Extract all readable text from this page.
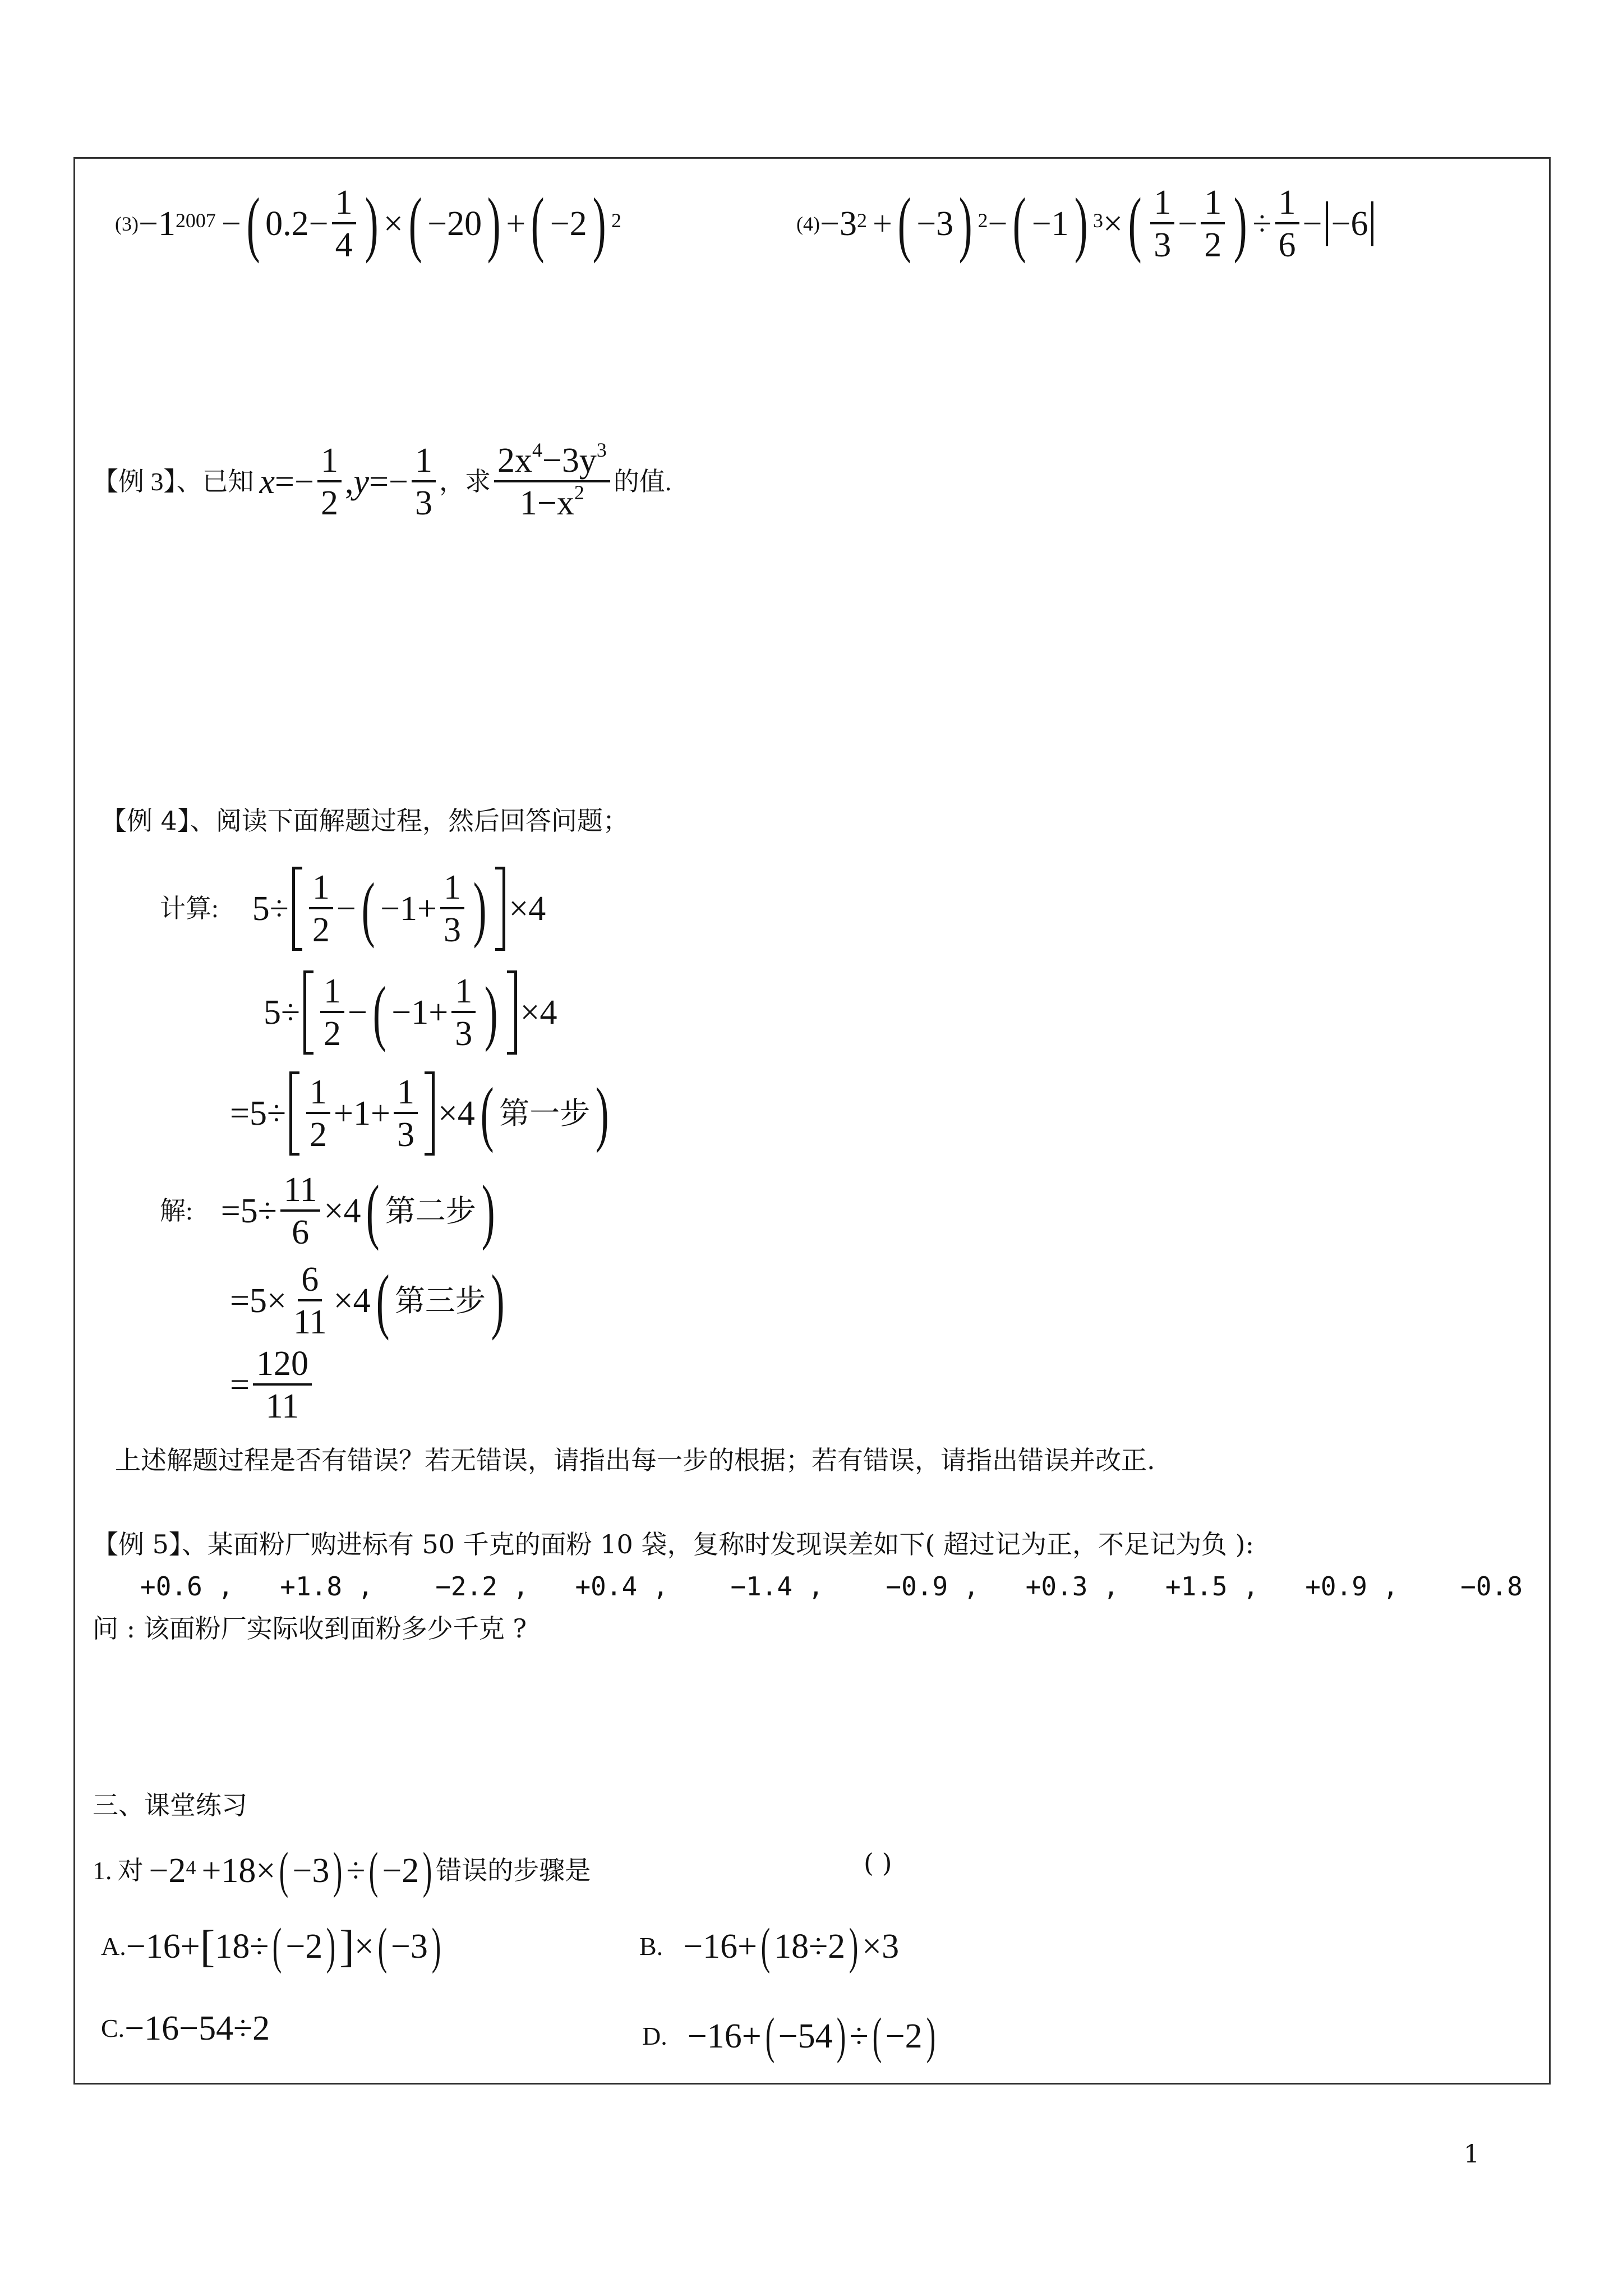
$(3) - 1^{2007}$ − ( $0.2 - \frac{1}{4}$ ) × ( −20 ) + ( −2 ) $^2$	$(4) - 3^2$ + ( −3 ) $^2$ − ( −1 ) $^3$ × ( $\frac{1}{3} - \frac{1}{2}$ ) ÷ $\frac{1}{6} - -6$
【例 3】、已知 $x =- \frac{1}{2}$ , $y =- \frac{1}{3}$ ，求 $\frac{2x^4-3y^3}{1-x^2}$ 的值.
【例 4】、阅读下面解题过程，然后回答问题；
计算: $5 \div \frac{1}{2}$ − ( $-1 + \frac{1}{3}$ ) × 4
$5 \div \frac{1}{2}$ − ( $-1 + \frac{1}{3}$ ) × 4
= $5 \div \frac{1}{2} +1+ \frac{1}{3} \times 4$ ( 第一步 )
解: = $5 \div \frac{11}{6} \times 4$ ( 第二步 )
= $5 \times \frac{6}{11} \times 4$ ( 第三步 )
= $\frac{120}{11}$
上述解题过程是否有错误？若无错误，请指出每一步的根据；若有错误，请指出错误并改正.
【例 5】、某面粉厂购进标有 50 千克的面粉 10 袋，复称时发现误差如下( 超过记为正，不足记为负 ):
+0.6 ,   +1.8 ,    −2.2 ,   +0.4 ,    −1.4 ,    −0.9 ,   +0.3 ,   +1.5 ,   +0.9 ,    −0.8
问 : 该面粉厂实际收到面粉多少千克 ?
三、课堂练习
1. 对 $-2^4 +18\times$ ( −3 ) ÷ ( −2 ) 错误的步骤是	( )
A. −16+ [ 18÷ ( −2 ) ] × ( −3 )	B. −16+ ( 18÷2 ) ×3
C. −16−54÷2	D. −16+ ( −54 ) ÷ ( −2 )
1
